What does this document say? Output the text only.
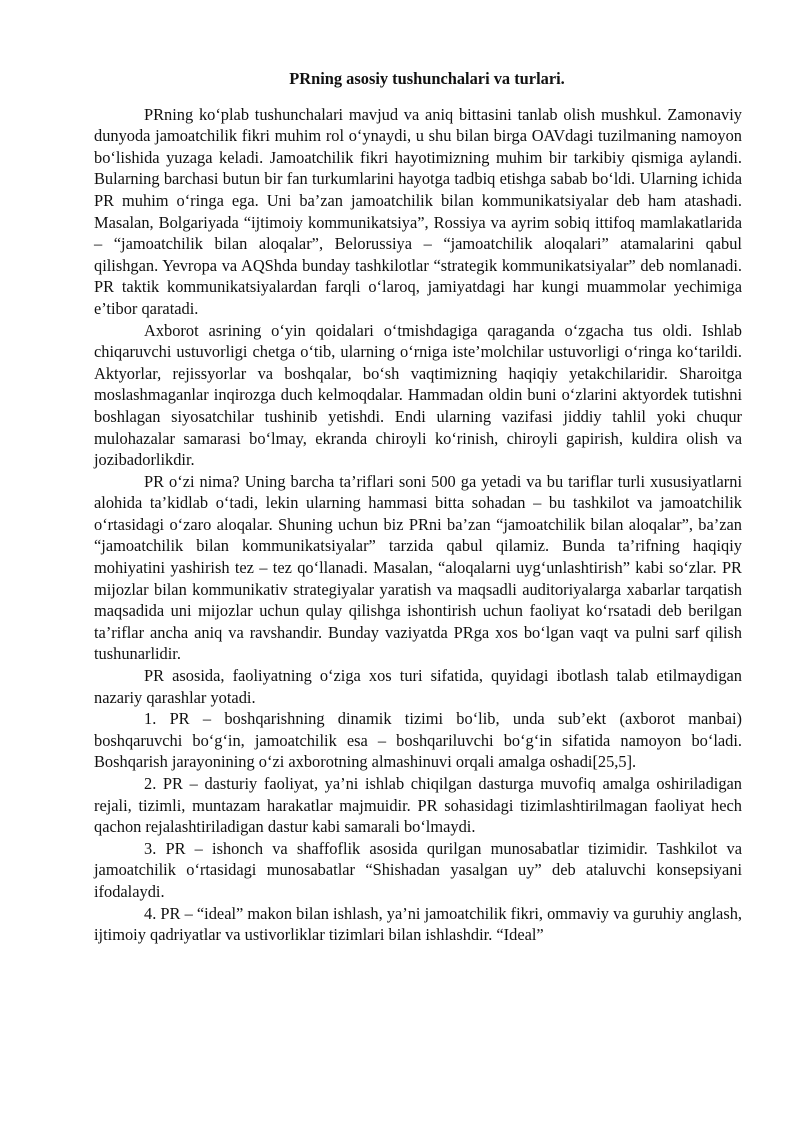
PRning asosiy tushunchalari va turlari.

PRning ko‘plab tushunchalari mavjud va aniq bittasini tanlab olish mushkul. Zamonaviy dunyoda jamoatchilik fikri muhim rol o‘ynaydi, u shu bilan birga OAVdagi tuzilmaning namoyon bo‘lishida yuzaga keladi. Jamoatchilik fikri hayotimizning muhim bir tarkibiy qismiga aylandi. Bularning barchasi butun bir fan turkumlarini hayotga tadbiq etishga sabab bo‘ldi. Ularning ichida PR muhim o‘ringa ega. Uni ba’zan jamoatchilik bilan kommunikatsiyalar deb ham atashadi. Masalan, Bolgariyada “ijtimoiy kommunikatsiya”, Rossiya va ayrim sobiq ittifoq mamlakatlarida – “jamoatchilik bilan aloqalar”, Belorussiya – “jamoatchilik aloqalari” atamalarini qabul qilishgan. Yevropa va AQShda bunday tashkilotlar “strategik kommunikatsiyalar” deb nomlanadi. PR taktik kommunikatsiyalardan farqli o‘laroq, jamiyatdagi har kungi muammolar yechimiga e’tibor qaratadi.

Axborot asrining o‘yin qoidalari o‘tmishdagiga qaraganda o‘zgacha tus oldi. Ishlab chiqaruvchi ustuvorligi chetga o‘tib, ularning o‘rniga iste’molchilar ustuvorligi o‘ringa ko‘tarildi. Aktyorlar, rejissyorlar va boshqalar, bo‘sh vaqtimizning haqiqiy yetakchilaridir. Sharoitga moslashmaganlar inqirozga duch kelmoqdalar. Hammadan oldin buni o‘zlarini aktyordek tutishni boshlagan siyosatchilar tushinib yetishdi. Endi ularning vazifasi jiddiy tahlil yoki chuqur mulohazalar samarasi bo‘lmay, ekranda chiroyli ko‘rinish, chiroyli gapirish, kuldira olish va jozibadorlikdir.

PR o‘zi nima? Uning barcha ta’riflari soni 500 ga yetadi va bu tariflar turli xususiyatlarni alohida ta’kidlab o‘tadi, lekin ularning hammasi bitta sohadan – bu tashkilot va jamoatchilik o‘rtasidagi o‘zaro aloqalar. Shuning uchun biz PRni ba’zan “jamoatchilik bilan aloqalar”, ba’zan “jamoatchilik bilan kommunikatsiyalar” tarzida qabul qilamiz. Bunda ta’rifning haqiqiy mohiyatini yashirish tez – tez qo‘llanadi. Masalan, “aloqalarni uyg‘unlashtirish” kabi so‘zlar. PR mijozlar bilan kommunikativ strategiyalar yaratish va maqsadli auditoriyalarga xabarlar tarqatish maqsadida uni mijozlar uchun qulay qilishga ishontirish uchun faoliyat ko‘rsatadi deb berilgan ta’riflar ancha aniq va ravshandir. Bunday vaziyatda PRga xos bo‘lgan vaqt va pulni sarf qilish tushunarlidir.

PR asosida, faoliyatning o‘ziga xos turi sifatida, quyidagi ibotlash talab etilmaydigan nazariy qarashlar yotadi.

1. PR – boshqarishning dinamik tizimi bo‘lib, unda sub’ekt (axborot manbai) boshqaruvchi bo‘g‘in, jamoatchilik esa – boshqariluvchi bo‘g‘in sifatida namoyon bo‘ladi. Boshqarish jarayonining o‘zi axborotning almashinuvi orqali amalga oshadi[25,5].

2. PR – dasturiy faoliyat, ya’ni ishlab chiqilgan dasturga muvofiq amalga oshiriladigan rejali, tizimli, muntazam harakatlar majmuidir. PR sohasidagi tizimlashtirilmagan faoliyat hech qachon rejalashtiriladigan dastur kabi samarali bo‘lmaydi.

3. PR – ishonch va shaffoflik asosida qurilgan munosabatlar tizimidir. Tashkilot va jamoatchilik o‘rtasidagi munosabatlar “Shishadan yasalgan uy” deb ataluvchi konsepsiyani ifodalaydi.

4. PR – “ideal” makon bilan ishlash, ya’ni jamoatchilik fikri, ommaviy va guruhiy anglash, ijtimoiy qadriyatlar va ustivorliklar tizimlari bilan ishlashdir. “Ideal”
